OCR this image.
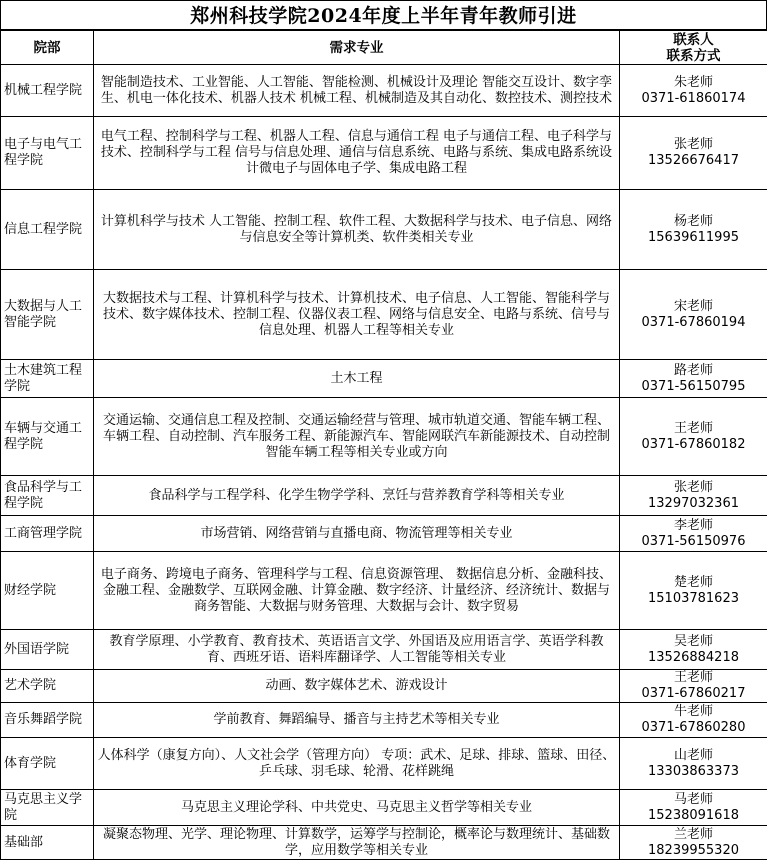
郑州科技学院2024年度上半年青年教师引进
院部	需求专业	联系人
联系方式

机械工程学院	智能制造技术、工业智能、人工智能、智能检测、机械设计及理论 智能交互设计、数字孪生、机电一体化技术、机器人技术 机械工程、机械制造及其自动化、数控技术、测控技术	朱老师
0371-61860174

电子与电气工程学院	电气工程、控制科学与工程、机器人工程、信息与通信工程 电子与通信工程、电子科学与技术、控制科学与工程 信号与信息处理、通信与信息系统、电路与系统、集成电路系统设计微电子与固体电子学、集成电路工程	张老师
13526676417

信息工程学院	计算机科学与技术 人工智能、控制工程、软件工程、大数据科学与技术、电子信息、网络与信息安全等计算机类、软件类相关专业	杨老师
15639611995

大数据与人工智能学院	大数据技术与工程、计算机科学与技术、计算机技术、电子信息、人工智能、智能科学与技术、数字媒体技术、控制工程、仪器仪表工程、网络与信息安全、电路与系统、信号与信息处理、机器人工程等相关专业	宋老师
0371-67860194

土木建筑工程学院	土木工程	路老师
0371-56150795

车辆与交通工程学院	交通运输、交通信息工程及控制、交通运输经营与管理、城市轨道交通、智能车辆工程、车辆工程、自动控制、汽车服务工程、新能源汽车、智能网联汽车新能源技术、自动控制智能车辆工程等相关专业或方向	王老师
0371-67860182

食品科学与工程学院	食品科学与工程学科、化学生物学学科、烹饪与营养教育学科等相关专业	张老师
13297032361

工商管理学院	市场营销、网络营销与直播电商、物流管理等相关专业	李老师
0371-56150976

财经学院	电子商务、跨境电子商务、管理科学与工程、信息资源管理、 数据信息分析、金融科技、金融工程、金融数学、互联网金融、计算金融、数字经济、计量经济、经济统计、数据与商务智能、大数据与财务管理、大数据与会计、数字贸易	楚老师
15103781623

外国语学院	教育学原理、小学教育、教育技术、英语语言文学、外国语及应用语言学、英语学科教育、西班牙语、语料库翻译学、人工智能等相关专业	吴老师
13526884218

艺术学院	动画、数字媒体艺术、游戏设计	王老师
0371-67860217

音乐舞蹈学院	学前教育、舞蹈编导、播音与主持艺术等相关专业	牛老师
0371-67860280

体育学院	人体科学（康复方向）、人文社会学（管理方向） 专项：武术、足球、排球、篮球、田径、乒乓球、羽毛球、轮滑、花样跳绳	山老师
13303863373

马克思主义学院	马克思主义理论学科、中共党史、马克思主义哲学等相关专业	马老师
15238091618

基础部	凝聚态物理、光学、理论物理、计算数学，运筹学与控制论，概率论与数理统计、基础数学，应用数学等相关专业	兰老师
18239955320
